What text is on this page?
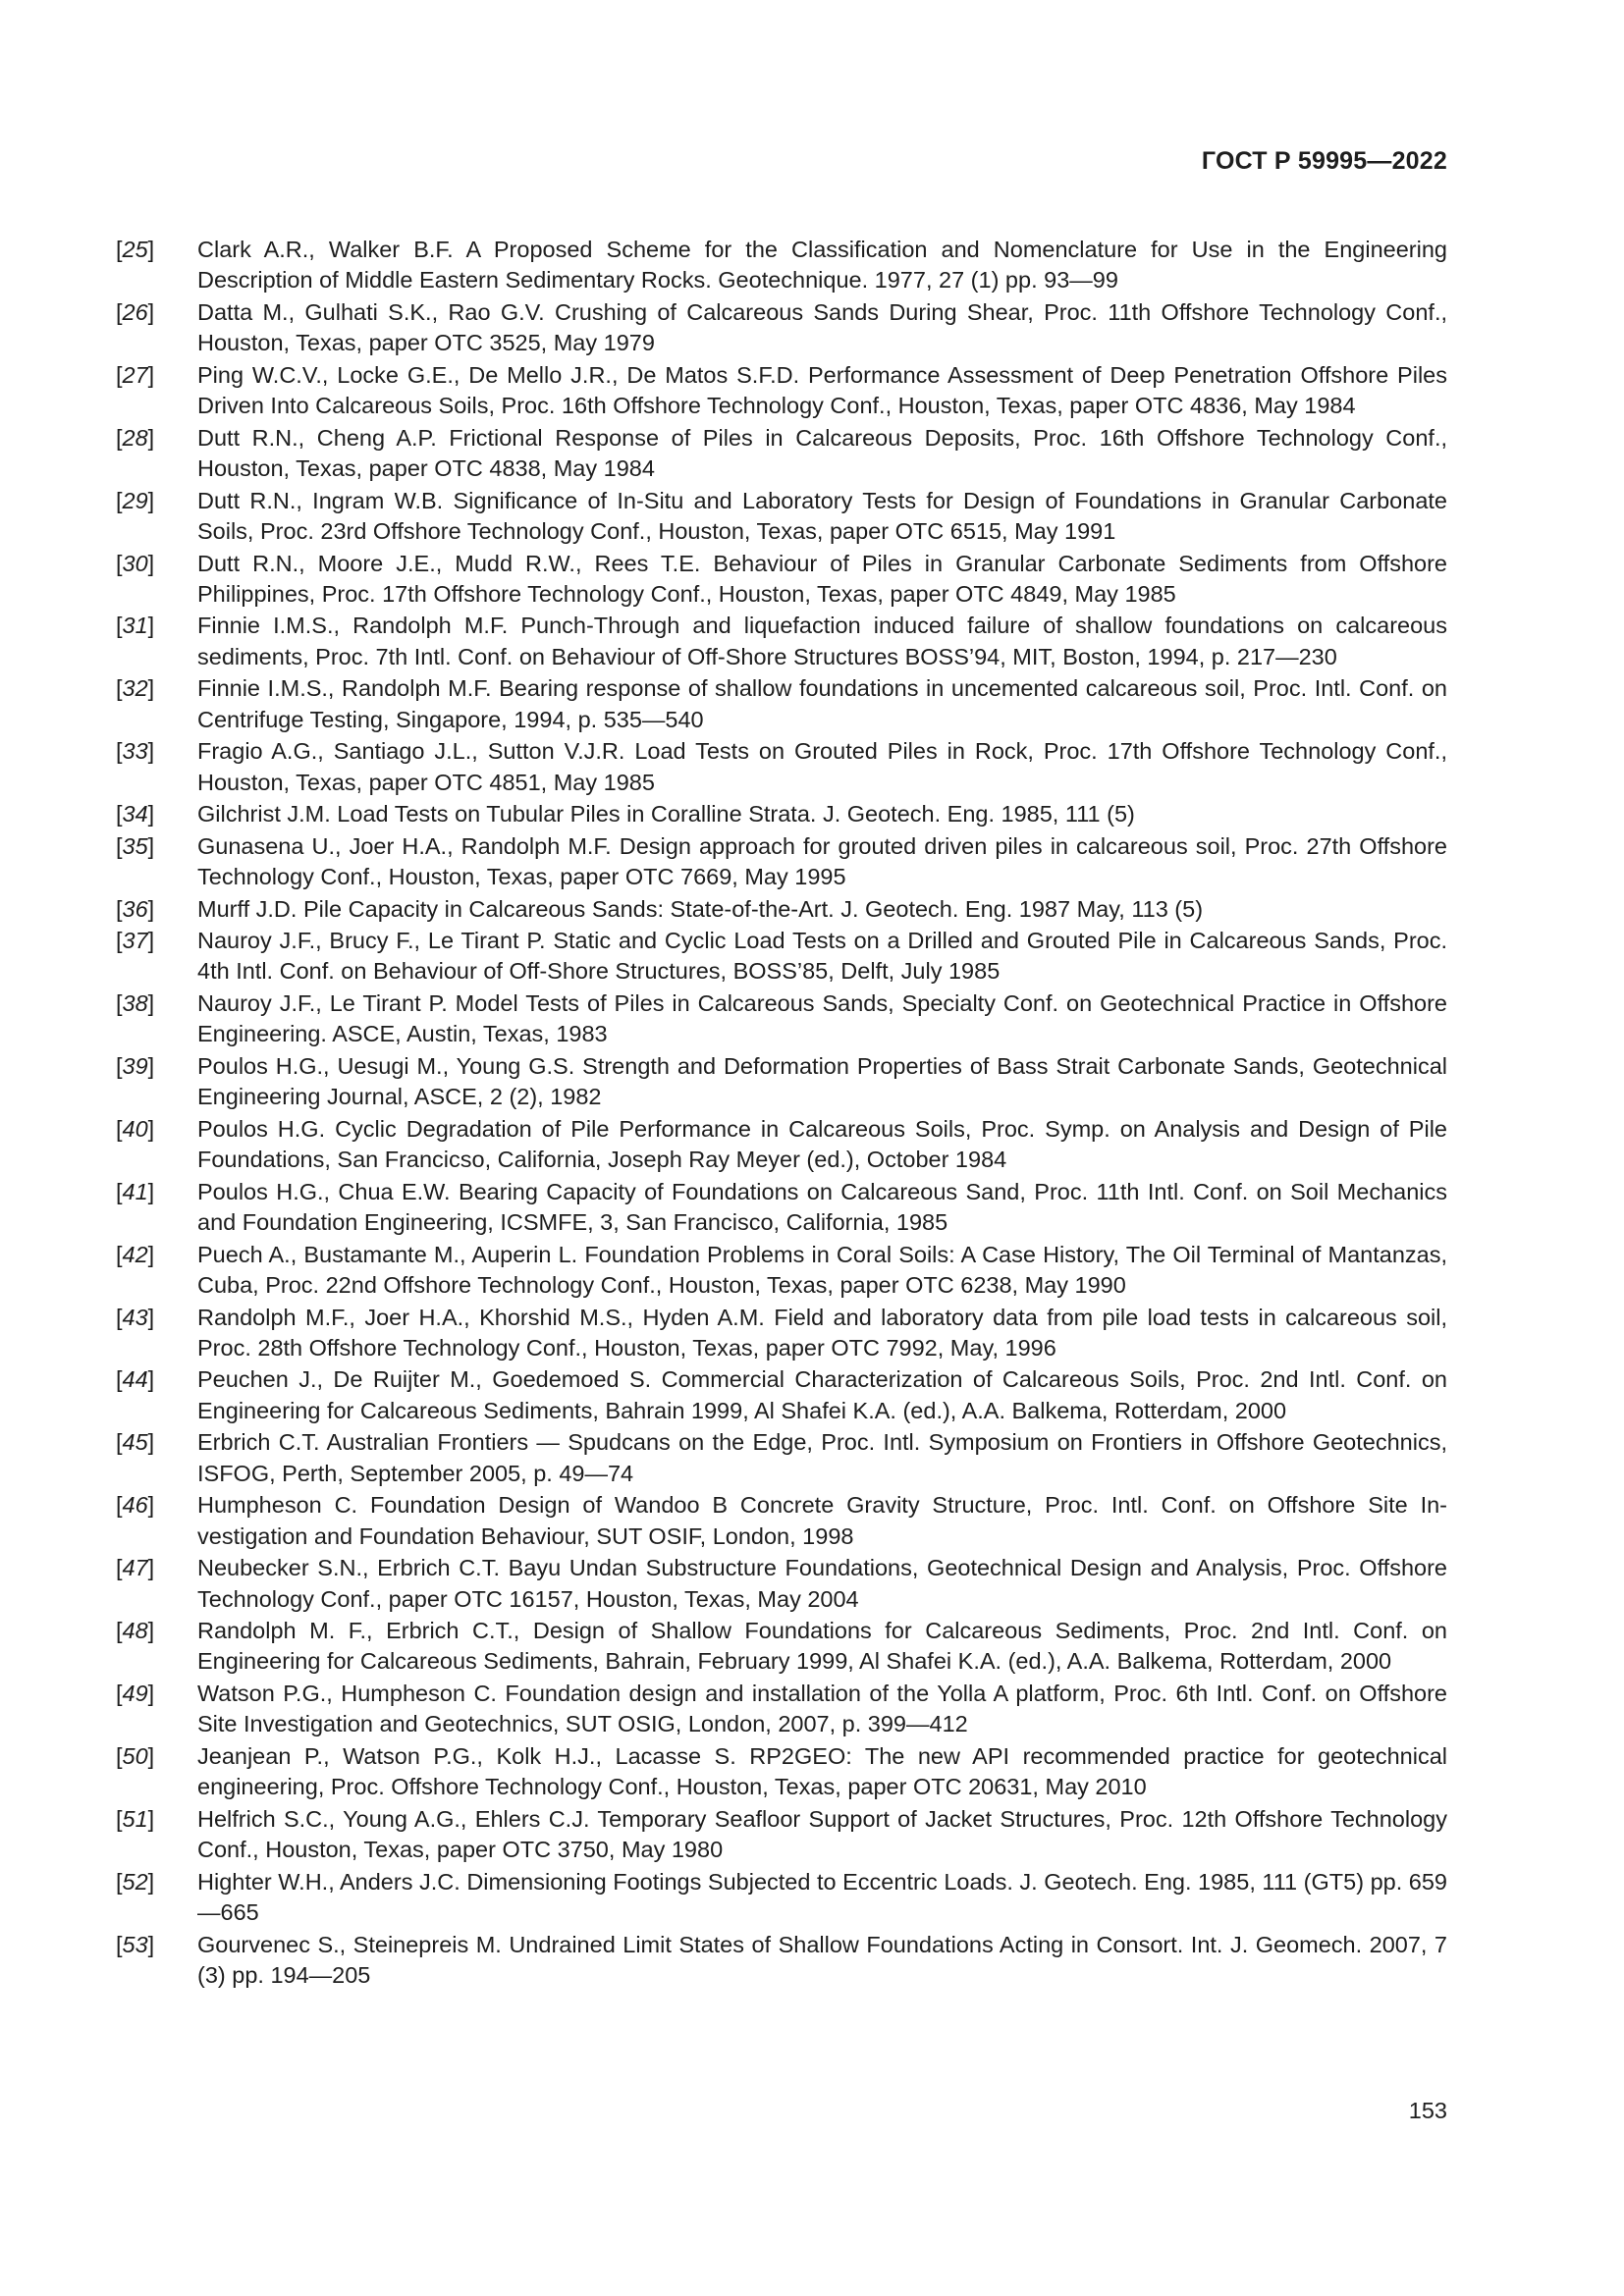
ГОСТ Р 59995—2022
[25]	Clark A.R., Walker B.F. A Proposed Scheme for the Classification and Nomenclature for Use in the Engineering Description of Middle Eastern Sedimentary Rocks. Geotechnique. 1977, 27 (1) pp. 93—99
[26]	Datta M., Gulhati S.K., Rao G.V. Crushing of Calcareous Sands During Shear, Proc. 11th Offshore Technology Conf., Houston, Texas, paper OTC 3525, May 1979
[27]	Ping W.C.V., Locke G.E., De Mello J.R., De Matos S.F.D. Performance Assessment of Deep Penetration Offshore Piles Driven Into Calcareous Soils, Proc. 16th Offshore Technology Conf., Houston, Texas, paper OTC 4836, May 1984
[28]	Dutt R.N., Cheng A.P. Frictional Response of Piles in Calcareous Deposits, Proc. 16th Offshore Technology Conf., Houston, Texas, paper OTC 4838, May 1984
[29]	Dutt R.N., Ingram W.B. Significance of In-Situ and Laboratory Tests for Design of Foundations in Granular Carbonate Soils, Proc. 23rd Offshore Technology Conf., Houston, Texas, paper OTC 6515, May 1991
[30]	Dutt R.N., Moore J.E., Mudd R.W., Rees T.E. Behaviour of Piles in Granular Carbonate Sediments from Offshore Philippines, Proc. 17th Offshore Technology Conf., Houston, Texas, paper OTC 4849, May 1985
[31]	Finnie I.M.S., Randolph M.F. Punch-Through and liquefaction induced failure of shallow foundations on calcareous sediments, Proc. 7th Intl. Conf. on Behaviour of Off-Shore Structures BOSS’94, MIT, Boston, 1994, p. 217—230
[32]	Finnie I.M.S., Randolph M.F. Bearing response of shallow foundations in uncemented calcareous soil, Proc. Intl. Conf. on Centrifuge Testing, Singapore, 1994, p. 535—540
[33]	Fragio A.G., Santiago J.L., Sutton V.J.R. Load Tests on Grouted Piles in Rock, Proc. 17th Offshore Technology Conf., Houston, Texas, paper OTC 4851, May 1985
[34]	Gilchrist J.M. Load Tests on Tubular Piles in Coralline Strata. J. Geotech. Eng. 1985, 111 (5)
[35]	Gunasena U., Joer H.A., Randolph M.F. Design approach for grouted driven piles in calcareous soil, Proc. 27th Offshore Technology Conf., Houston, Texas, paper OTC 7669, May 1995
[36]	Murff J.D. Pile Capacity in Calcareous Sands: State-of-the-Art. J. Geotech. Eng. 1987 May, 113 (5)
[37]	Nauroy J.F., Brucy F., Le Tirant P. Static and Cyclic Load Tests on a Drilled and Grouted Pile in Calcareous Sands, Proc. 4th Intl. Conf. on Behaviour of Off-Shore Structures, BOSS’85, Delft, July 1985
[38]	Nauroy J.F., Le Tirant P. Model Tests of Piles in Calcareous Sands, Specialty Conf. on Geotechnical Practice in Offshore Engineering. ASCE, Austin, Texas, 1983
[39]	Poulos H.G., Uesugi M., Young G.S. Strength and Deformation Properties of Bass Strait Carbonate Sands, Geotechnical Engineering Journal, ASCE, 2 (2), 1982
[40]	Poulos H.G. Cyclic Degradation of Pile Performance in Calcareous Soils, Proc. Symp. on Analysis and Design of Pile Foundations, San Francicso, California, Joseph Ray Meyer (ed.), October 1984
[41]	Poulos H.G., Chua E.W. Bearing Capacity of Foundations on Calcareous Sand, Proc. 11th Intl. Conf. on Soil Mechanics and Foundation Engineering, ICSMFE, 3, San Francisco, California, 1985
[42]	Puech A., Bustamante M., Auperin L. Foundation Problems in Coral Soils: A Case History, The Oil Terminal of Mantanzas, Cuba, Proc. 22nd Offshore Technology Conf., Houston, Texas, paper OTC 6238, May 1990
[43]	Randolph M.F., Joer H.A., Khorshid M.S., Hyden A.M. Field and laboratory data from pile load tests in calcareous soil, Proc. 28th Offshore Technology Conf., Houston, Texas, paper OTC 7992, May, 1996
[44]	Peuchen J., De Ruijter M., Goedemoed S. Commercial Characterization of Calcareous Soils, Proc. 2nd Intl. Conf. on Engineering for Calcareous Sediments, Bahrain 1999, Al Shafei K.A. (ed.), A.A. Balkema, Rotterdam, 2000
[45]	Erbrich C.T. Australian Frontiers — Spudcans on the Edge, Proc. Intl. Symposium on Frontiers in Offshore Geotechnics, ISFOG, Perth, September 2005, p. 49—74
[46]	Humpheson C. Foundation Design of Wandoo B Concrete Gravity Structure, Proc. Intl. Conf. on Offshore Site Investigation and Foundation Behaviour, SUT OSIF, London, 1998
[47]	Neubecker S.N., Erbrich C.T. Bayu Undan Substructure Foundations, Geotechnical Design and Analysis, Proc. Offshore Technology Conf., paper OTC 16157, Houston, Texas, May 2004
[48]	Randolph M. F., Erbrich C.T., Design of Shallow Foundations for Calcareous Sediments, Proc. 2nd Intl. Conf. on Engineering for Calcareous Sediments, Bahrain, February 1999, Al Shafei K.A. (ed.), A.A. Balkema, Rotterdam, 2000
[49]	Watson P.G., Humpheson C. Foundation design and installation of the Yolla A platform, Proc. 6th Intl. Conf. on Offshore Site Investigation and Geotechnics, SUT OSIG, London, 2007, p. 399—412
[50]	Jeanjean P., Watson P.G., Kolk H.J., Lacasse S. RP2GEO: The new API recommended practice for geotechnical engineering, Proc. Offshore Technology Conf., Houston, Texas, paper OTC 20631, May 2010
[51]	Helfrich S.C., Young A.G., Ehlers C.J. Temporary Seafloor Support of Jacket Structures, Proc. 12th Offshore Technology Conf., Houston, Texas, paper OTC 3750, May 1980
[52]	Highter W.H., Anders J.C. Dimensioning Footings Subjected to Eccentric Loads. J. Geotech. Eng. 1985, 111 (GT5) pp. 659—665
[53]	Gourvenec S., Steinepreis M. Undrained Limit States of Shallow Foundations Acting in Consort. Int. J. Geomech. 2007, 7 (3) pp. 194—205
153
